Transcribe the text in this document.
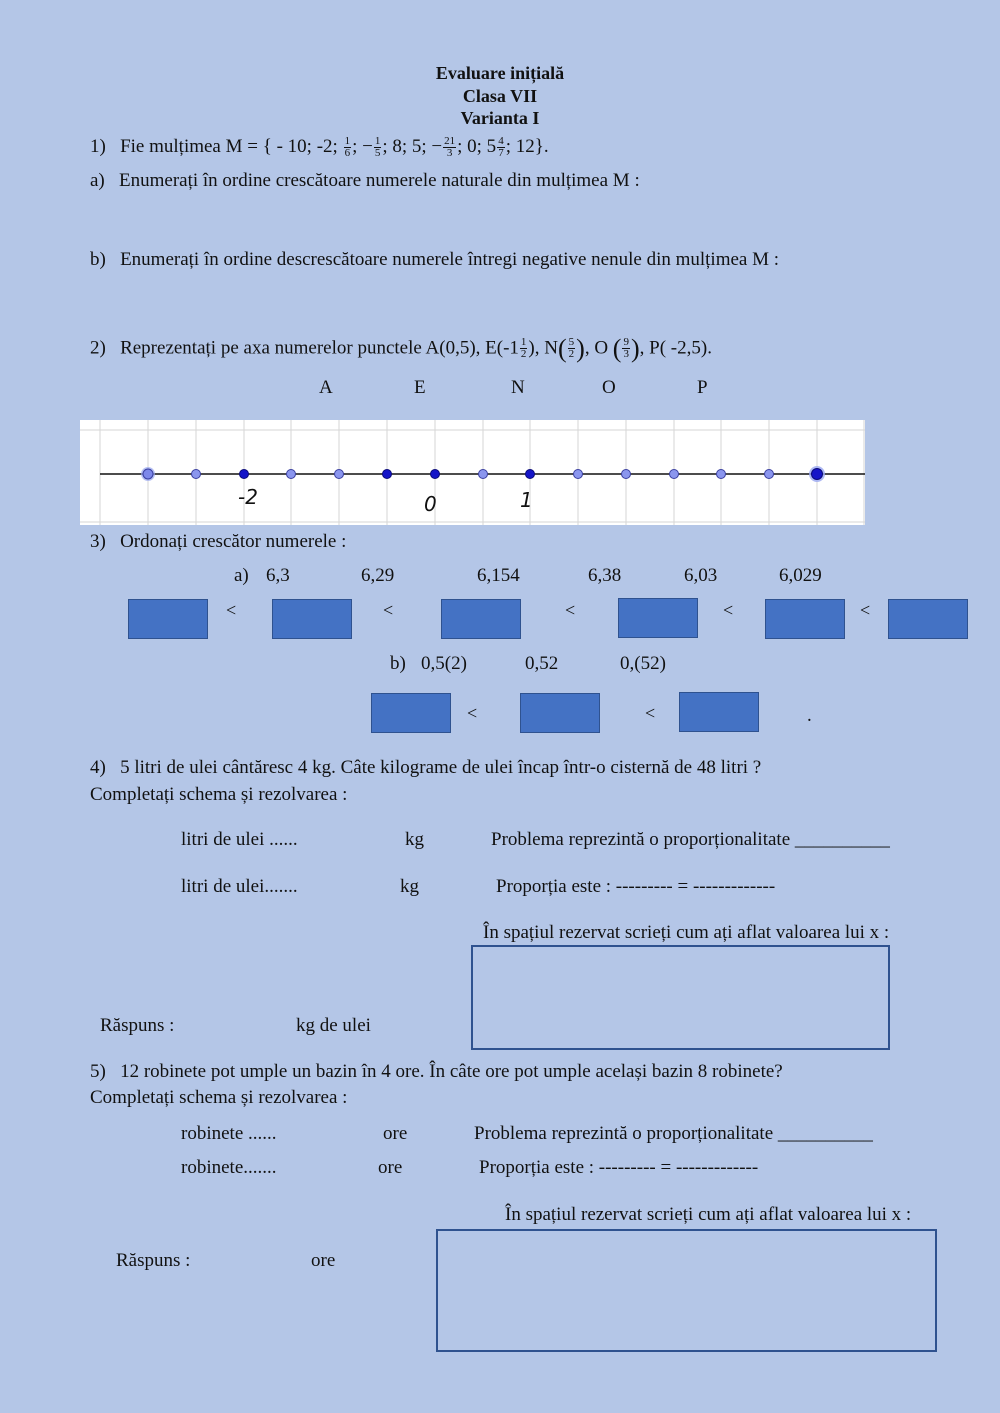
Evaluare inițială
Clasa VII
Varianta I
1) Fie mulțimea M = { - 10; -2; $\frac{1}{6}$ ; − $\frac{1}{5}$ ; 8; 5; − $\frac{21}{3}$ ; 0; $5 \frac{4}{7}$ ; 12}.
a) Enumerați în ordine crescătoare numerele naturale din mulțimea M :
b) Enumerați în ordine descrescătoare numerele întregi negative nenule din mulțimea M :
2) Reprezentați pe axa numerelor punctele A(0,5), $E(-1 \frac{1}{2}$ ), $N( \frac{5}{2}$ ), O ( $\frac{9}{3}$ ), P( -2,5).
A	E	N	O	P
-2	0	1
3) Ordonați crescător numerele :
a) 6,3	6,29	6,154	6,38	6,03	6,029
<	<	<	<	<
b) 0,5(2)	0,52	0,(52)
<	<	.
4) 5 litri de ulei cântăresc 4 kg. Câte kilograme de ulei încap într-o cisternă de 48 litri ?
Completați schema și rezolvarea :
litri de ulei ......	kg	Problema reprezintă o proporționalitate __________
litri de ulei.......	kg	Proporția este : --------- = -------------
În spațiul rezervat scrieți cum ați aflat valoarea lui x :
Răspuns :	kg de ulei
5) 12 robinete pot umple un bazin în 4 ore. În câte ore pot umple același bazin 8 robinete?
Completați schema și rezolvarea :
robinete ......	ore	Problema reprezintă o proporționalitate __________
robinete.......	ore	Proporția este : --------- = -------------
În spațiul rezervat scrieți cum ați aflat valoarea lui x :
Răspuns :	ore
